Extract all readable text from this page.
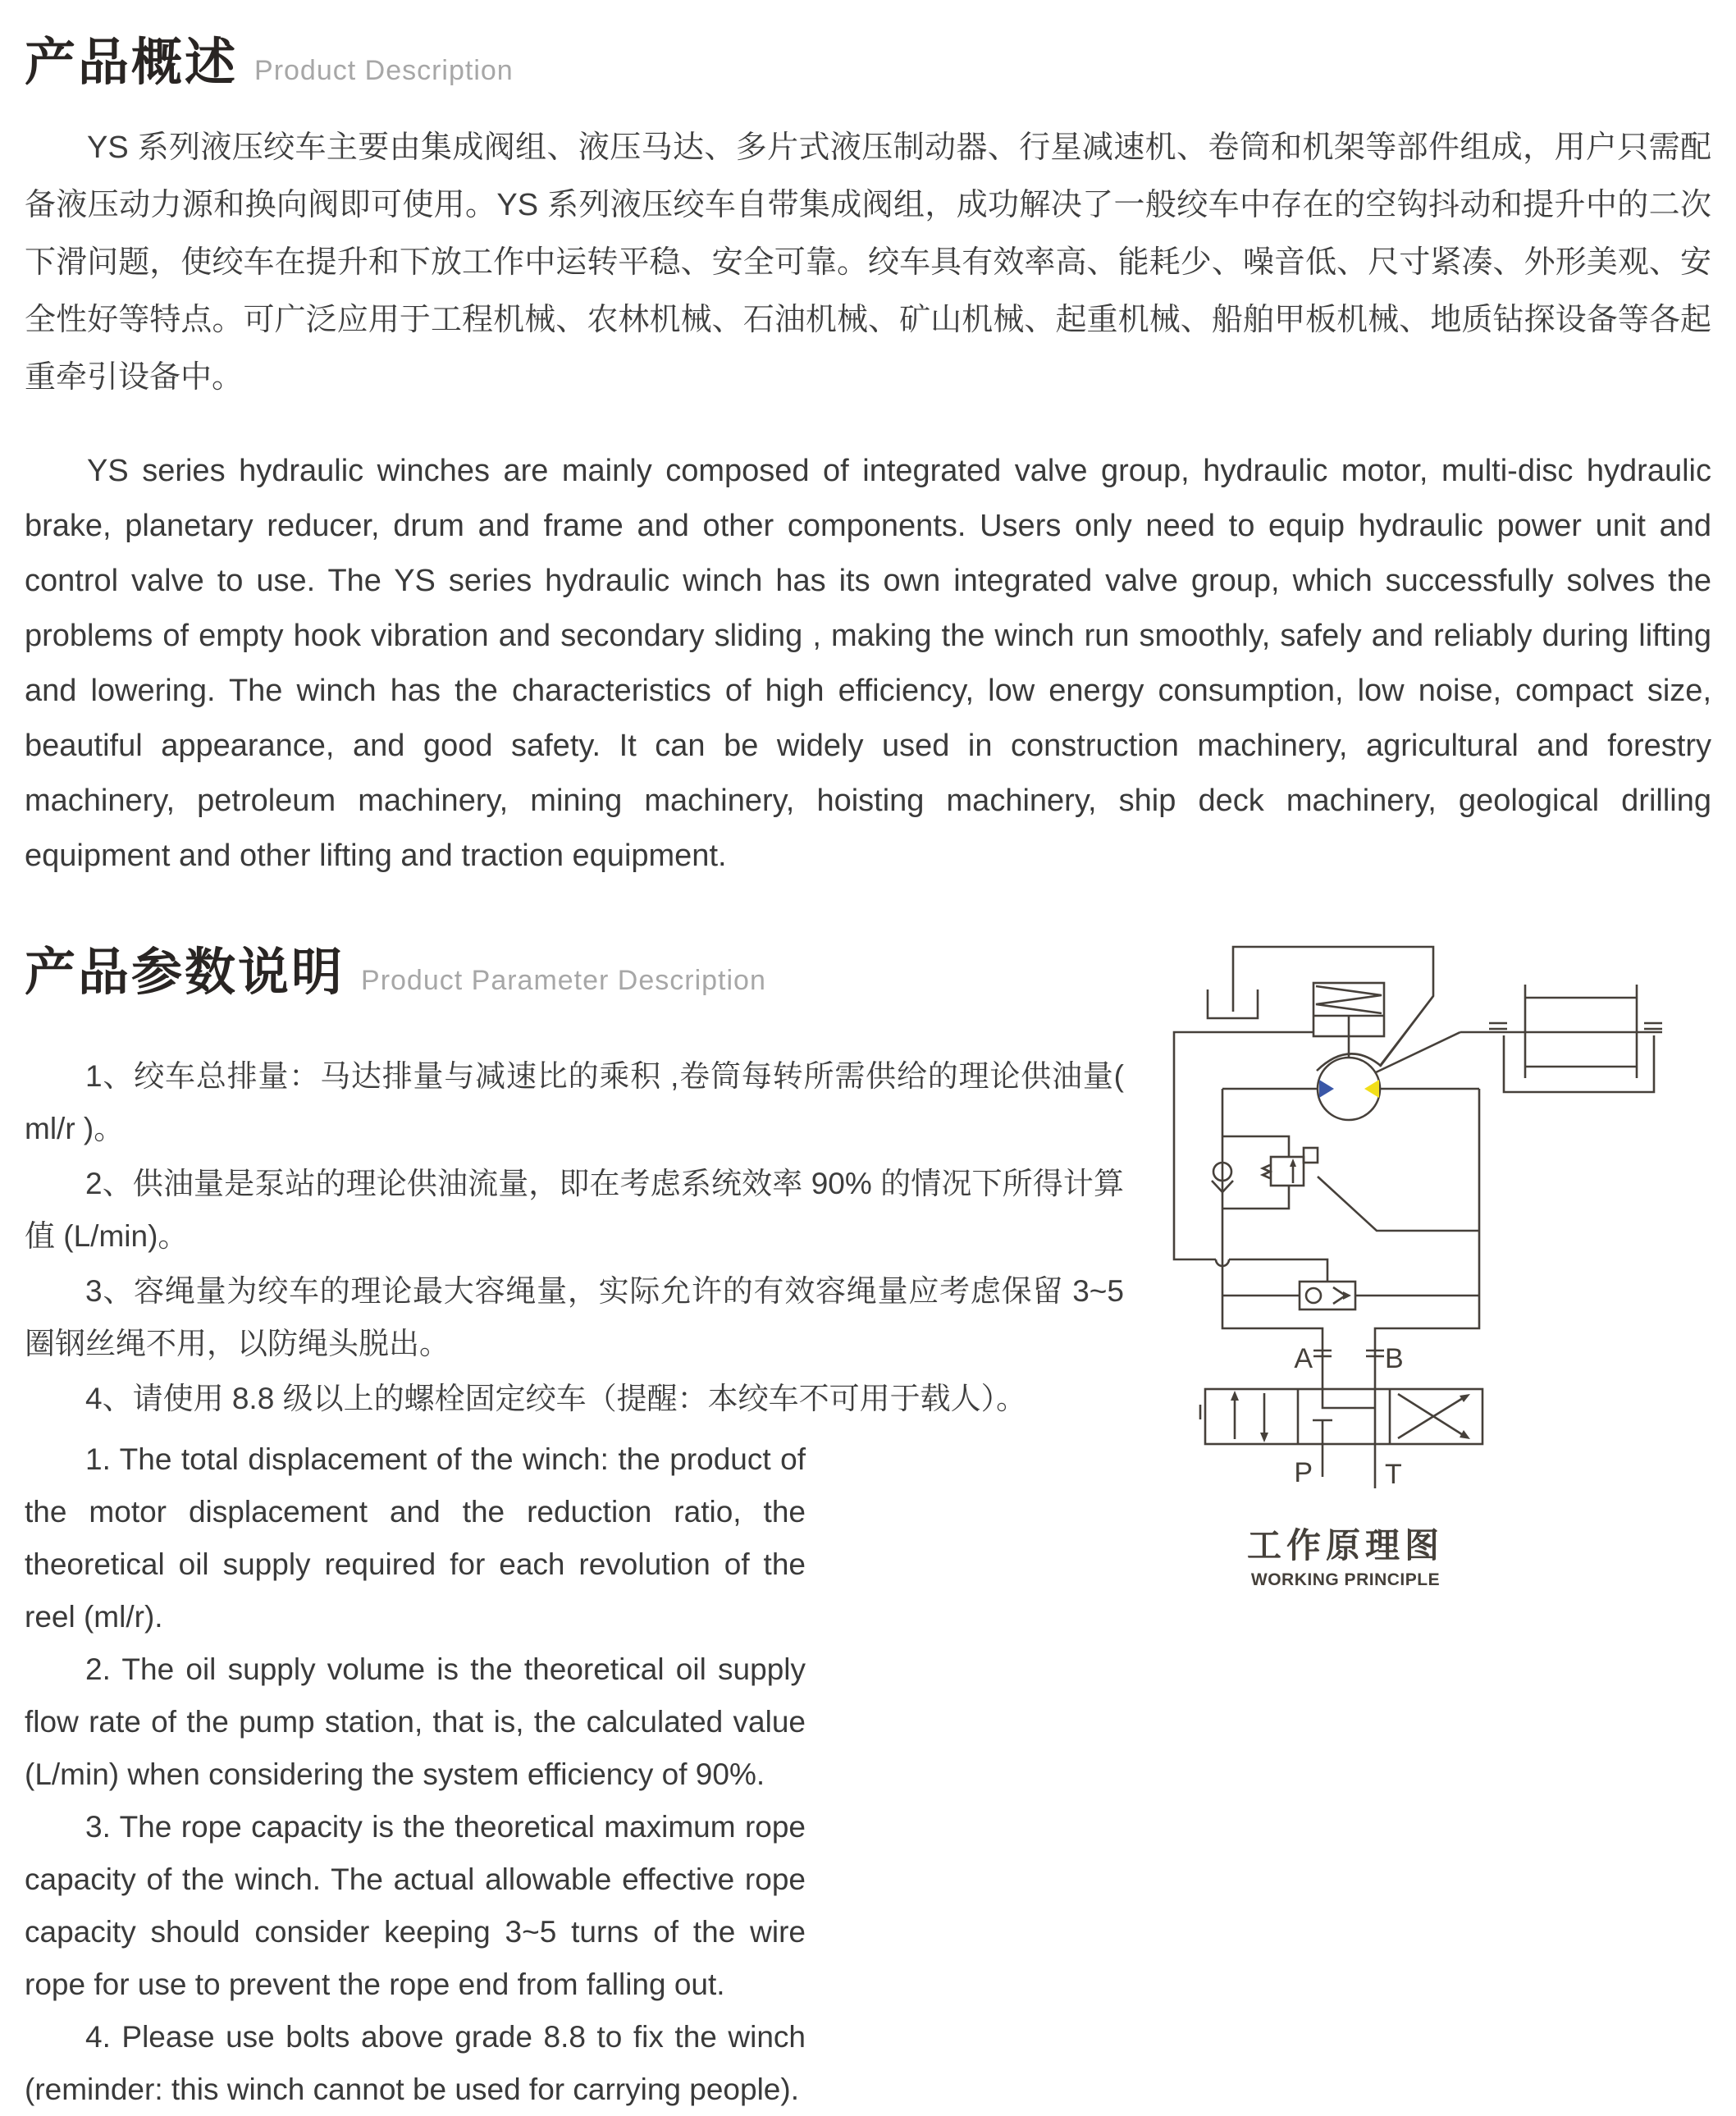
产品概述 Product Description

YS 系列液压绞车主要由集成阀组、液压马达、多片式液压制动器、行星减速机、卷筒和机架等部件组成，用户只需配备液压动力源和换向阀即可使用。YS 系列液压绞车自带集成阀组，成功解决了一般绞车中存在的空钩抖动和提升中的二次下滑问题，使绞车在提升和下放工作中运转平稳、安全可靠。绞车具有效率高、能耗少、噪音低、尺寸紧凑、外形美观、安全性好等特点。可广泛应用于工程机械、农林机械、石油机械、矿山机械、起重机械、船舶甲板机械、地质钻探设备等各起重牵引设备中。

YS series hydraulic winches are mainly composed of integrated valve group, hydraulic motor, multi-disc hydraulic brake, planetary reducer, drum and frame and other components. Users only need to equip hydraulic power unit and control valve to use. The YS series hydraulic winch has its own integrated valve group, which successfully solves the problems of empty hook vibration and secondary sliding , making the winch run smoothly, safely and reliably during lifting and lowering. The winch has the characteristics of high efficiency, low energy consumption, low noise, compact size, beautiful appearance, and good safety. It can be widely used in construction machinery, agricultural and forestry machinery, petroleum machinery, mining machinery, hoisting machinery, ship deck machinery, geological drilling equipment and other lifting and traction equipment.

产品参数说明 Product Parameter Description

1、绞车总排量：马达排量与减速比的乘积 ,卷筒每转所需供给的理论供油量( ml/r )。

2、供油量是泵站的理论供油流量，即在考虑系统效率 90% 的情况下所得计算值 (L/min)。

3、容绳量为绞车的理论最大容绳量，实际允许的有效容绳量应考虑保留 3~5 圈钢丝绳不用，以防绳头脱出。

4、请使用 8.8 级以上的螺栓固定绞车（提醒：本绞车不可用于载人）。

1. The total displacement of the winch: the product of the motor displacement and the reduction ratio, the theoretical oil supply required for each revolution of the reel (ml/r).

2. The oil supply volume is the theoretical oil supply flow rate of the pump station, that is, the calculated value (L/min) when considering the system efficiency of 90%.

3. The rope capacity is the theoretical maximum rope capacity of the winch. The actual allowable effective rope capacity should consider keeping 3~5 turns of the wire rope for use to prevent the rope end from falling out.

4. Please use bolts above grade 8.8 to fix the winch (reminder: this winch cannot be used for carrying people).

A	B
P	T
工作原理图
WORKING PRINCIPLE
